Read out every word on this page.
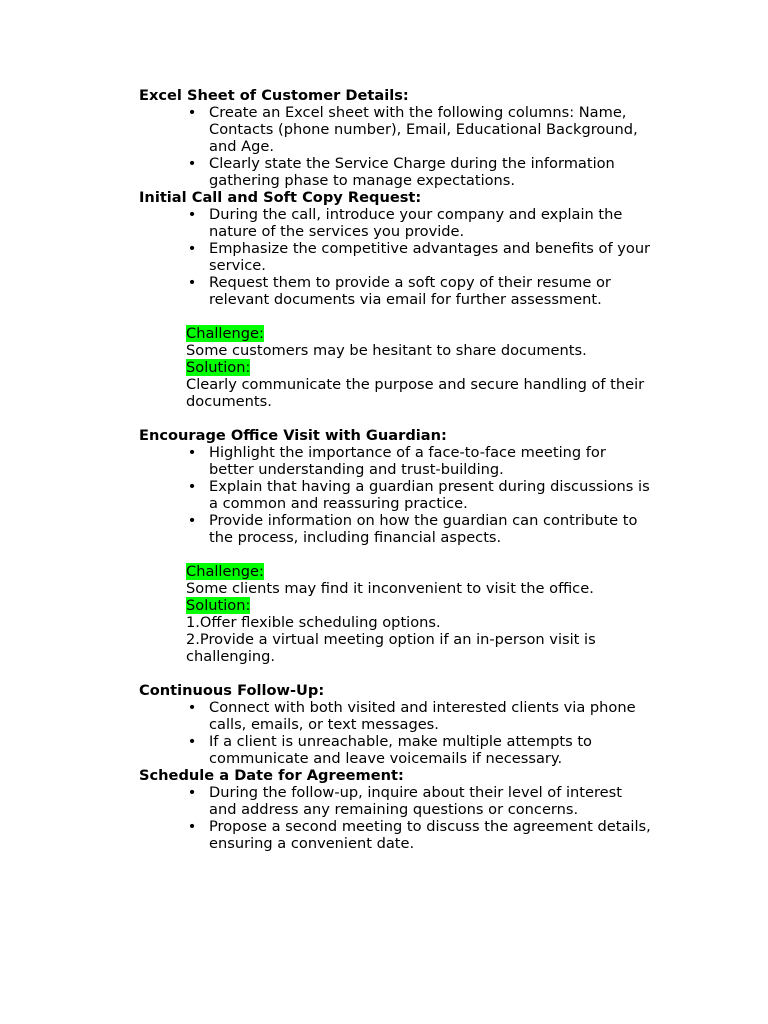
Excel Sheet of Customer Details:
• Create an Excel sheet with the following columns: Name, Contacts (phone number), Email, Educational Background, and Age.
• Clearly state the Service Charge during the information gathering phase to manage expectations.
Initial Call and Soft Copy Request:
• During the call, introduce your company and explain the nature of the services you provide.
• Emphasize the competitive advantages and benefits of your service.
• Request them to provide a soft copy of their resume or relevant documents via email for further assessment.
Challenge:
Some customers may be hesitant to share documents.
Solution:
Clearly communicate the purpose and secure handling of their documents.
Encourage Office Visit with Guardian:
• Highlight the importance of a face-to-face meeting for better understanding and trust-building.
• Explain that having a guardian present during discussions is a common and reassuring practice.
• Provide information on how the guardian can contribute to the process, including financial aspects.
Challenge:
Some clients may find it inconvenient to visit the office.
Solution:
1.Offer flexible scheduling options.
2.Provide a virtual meeting option if an in-person visit is challenging.
Continuous Follow-Up:
• Connect with both visited and interested clients via phone calls, emails, or text messages.
• If a client is unreachable, make multiple attempts to communicate and leave voicemails if necessary.
Schedule a Date for Agreement:
• During the follow-up, inquire about their level of interest and address any remaining questions or concerns.
• Propose a second meeting to discuss the agreement details, ensuring a convenient date.
